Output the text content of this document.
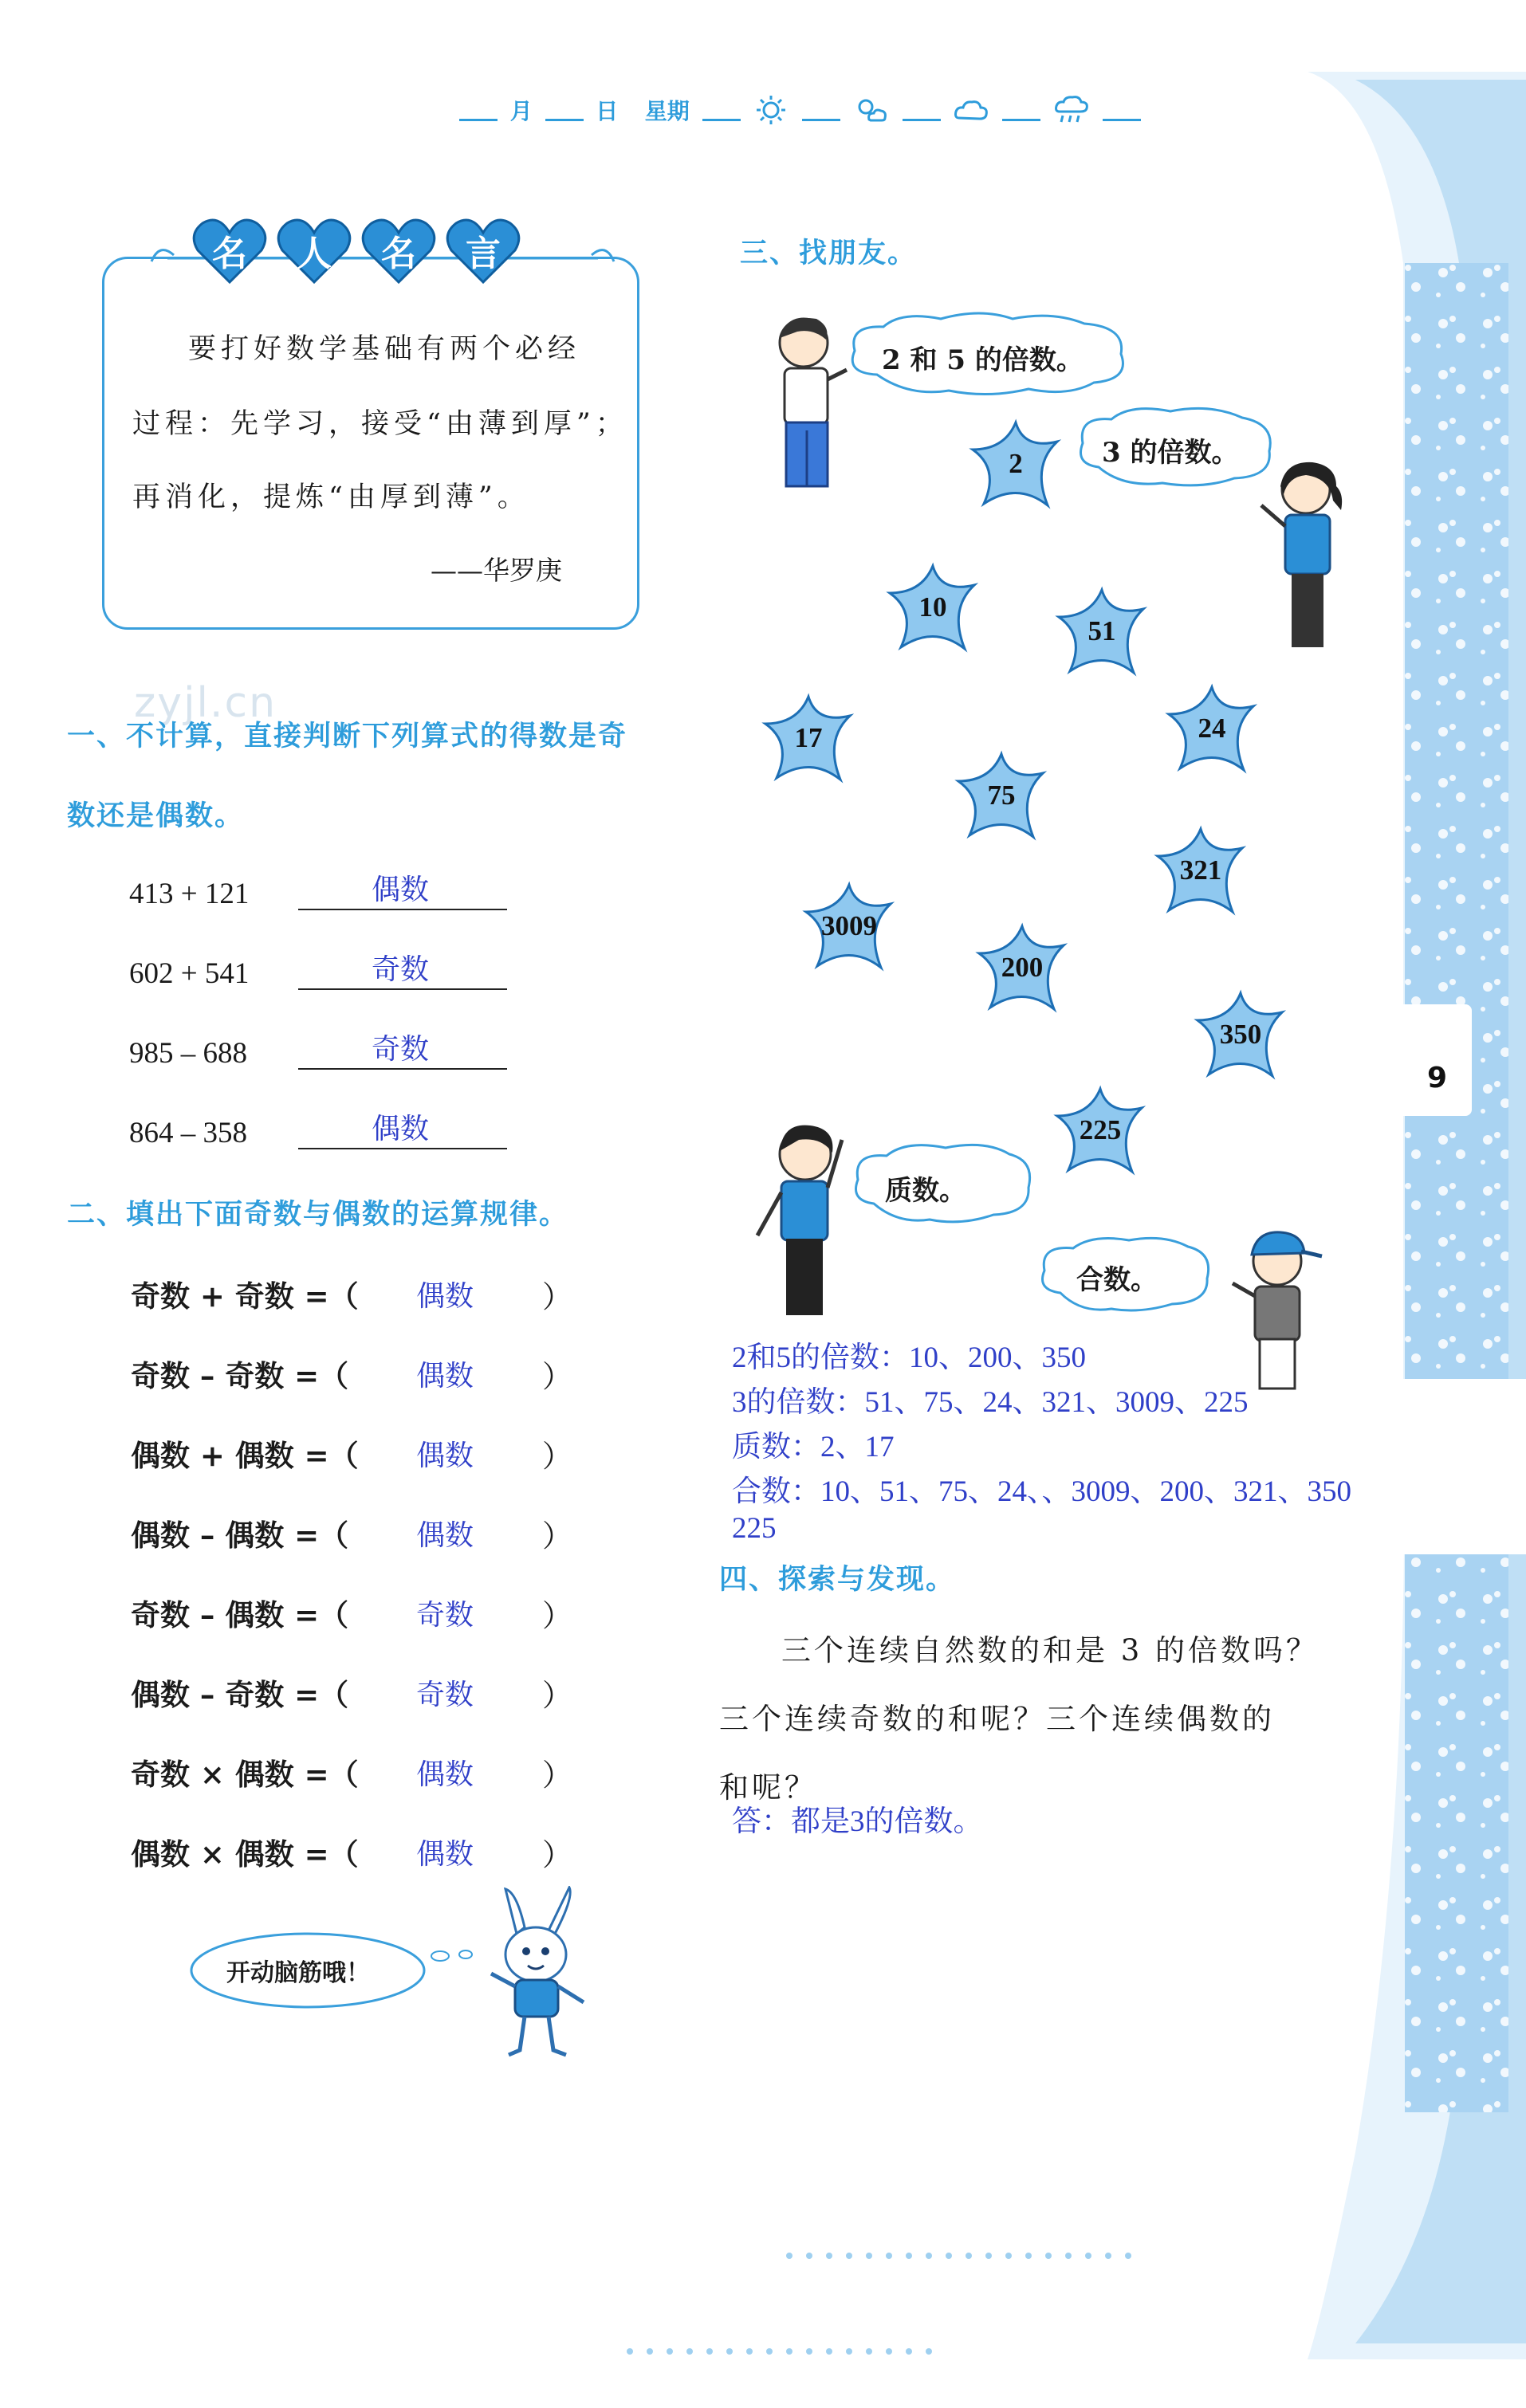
月	日 星期
名	人	名	言
要打好数学基础有两个必经
过程：先学习，接受“由薄到厚”；
再消化，提炼“由厚到薄”。
——华罗庚
zyjl.cn
一、不计算，直接判断下列算式的得数是奇
数还是偶数。
413 + 121	偶数
602 + 541	奇数
985 – 688	奇数
864 – 358	偶数
二、填出下面奇数与偶数的运算规律。
奇数 + 奇数 =（ 偶数 ）
奇数 – 奇数 =（ 偶数 ）
偶数 + 偶数 =（ 偶数 ）
偶数 – 偶数 =（ 偶数 ）
奇数 – 偶数 =（ 奇数 ）
偶数 – 奇数 =（ 奇数 ）
奇数 × 偶数 =（ 偶数 ）
偶数 × 偶数 =（ 偶数 ）
开动脑筋哦！
三、找朋友。
2 和 5 的倍数。
3 的倍数。
质数。
合数。
2
10
51
17	24
75
321
3009
200
350
225
2和5的倍数：10、200、350
3的倍数：51、75、24、321、3009、225
质数：2、17
合数：10、51、75、24、、3009、200、321、350
225
四、探索与发现。
三个连续自然数的和是 3 的倍数吗？
三个连续奇数的和呢？三个连续偶数的
和呢？
答：都是3的倍数。
9
